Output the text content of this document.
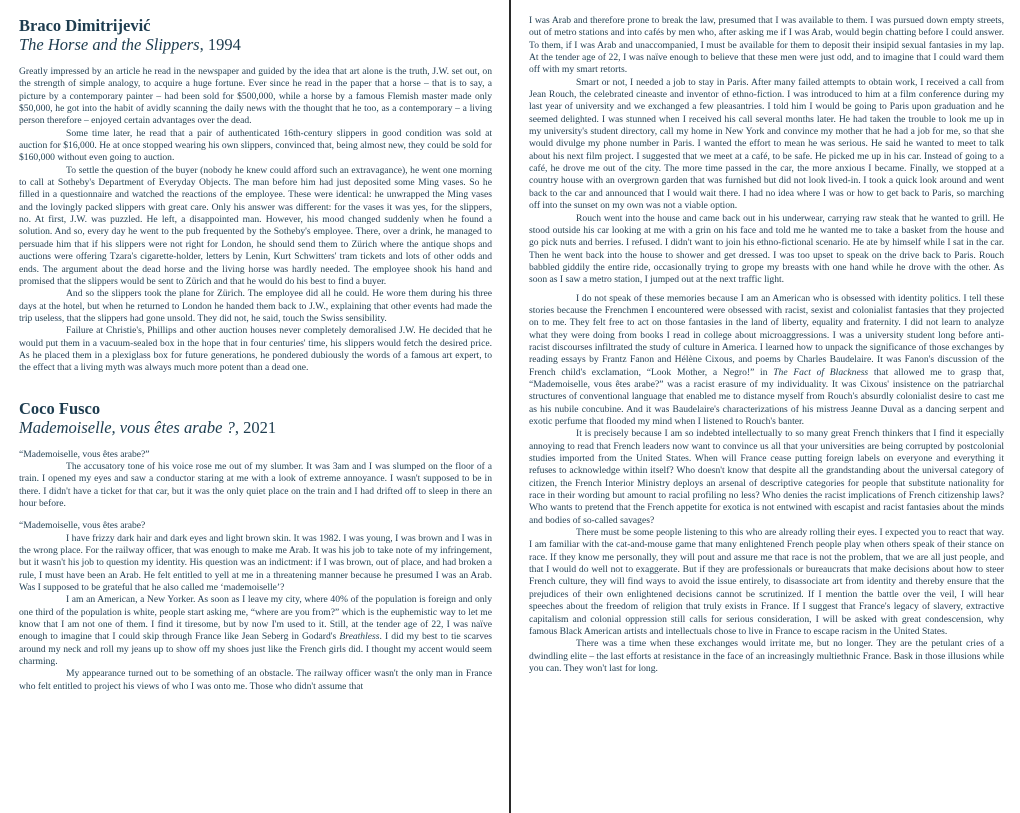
Braco Dimitrijević
The Horse and the Slippers, 1994

Greatly impressed by an article he read in the newspaper and guided by the idea that art alone is the truth, J.W. set out, on the strength of simple analogy, to acquire a huge fortune. Ever since he read in the paper that a horse – that is to say, a picture by a contemporary painter – had been sold for $500,000, while a horse by a famous Flemish master made only $50,000, he got into the habit of avidly scanning the daily news with the thought that he too, as a contemporary – a living person therefore – enjoyed certain advantages over the dead.

Some time later, he read that a pair of authenticated 16th-century slippers in good condition was sold at auction for $16,000. He at once stopped wearing his own slippers, convinced that, being almost new, they could be sold for $160,000 without even going to auction.

To settle the question of the buyer (nobody he knew could afford such an extravagance), he went one morning to call at Sotheby's Department of Everyday Objects. The man before him had just deposited some Ming vases. So he filled in a questionnaire and watched the reactions of the employee. These were identical: he unwrapped the Ming vases and the lovingly packed slippers with great care. Only his answer was different: for the vases it was yes, for the slippers, no. At first, J.W. was puzzled. He left, a disappointed man. However, his mood changed suddenly when he found a solution. And so, every day he went to the pub frequented by the Sotheby's employee. There, over a drink, he managed to persuade him that if his slippers were not right for London, he should send them to Zürich where the antique shops and auctions were offering Tzara's cigarette-holder, letters by Lenin, Kurt Schwitters' tram tickets and lots of other odds and ends. The argument about the dead horse and the living horse was hardly needed. The employee shook his hand and promised that the slippers would be sent to Zürich and that he would do his best to find a buyer.

And so the slippers took the plane for Zürich. The employee did all he could. He wore them during his three days at the hotel, but when he returned to London he handed them back to J.W., explaining that other events had made the trip useless, that the slippers had gone unsold. They did not, he said, touch the Swiss sensibility.

Failure at Christie's, Phillips and other auction houses never completely demoralised J.W. He decided that he would put them in a vacuum-sealed box in the hope that in four centuries' time, his slippers would fetch the desired price. As he placed them in a plexiglass box for future generations, he pondered dubiously the words of a famous art expert, to the effect that a living myth was always much more potent than a dead one.

Coco Fusco
Mademoiselle, vous êtes arabe ?, 2021

“Mademoiselle, vous êtes arabe?”

The accusatory tone of his voice rose me out of my slumber. It was 3am and I was slumped on the floor of a train. I opened my eyes and saw a conductor staring at me with a look of extreme annoyance. I wasn't supposed to be in there. I didn't have a ticket for that car, but it was the only quiet place on the train and I had drifted off to sleep in there an hour before.

“Mademoiselle, vous êtes arabe?

I have frizzy dark hair and dark eyes and light brown skin. It was 1982. I was young, I was brown and I was in the wrong place. For the railway officer, that was enough to make me Arab. It was his job to take note of my infringement, but it wasn't his job to question my identity. His question was an indictment: if I was brown, out of place, and had broken a rule, I must have been an Arab. He felt entitled to yell at me in a threatening manner because he presumed I was an Arab. Was I supposed to be grateful that he also called me ‘mademoiselle’?

I am an American, a New Yorker. As soon as I leave my city, where 40% of the population is foreign and only one third of the population is white, people start asking me, “where are you from?” which is the euphemistic way to let me know that I am not one of them. I find it tiresome, but by now I'm used to it. Still, at the tender age of 22, I was naïve enough to imagine that I could skip through France like Jean Seberg in Godard's Breathless. I did my best to tie scarves around my neck and roll my jeans up to show off my shoes just like the French girls did. I thought my accent would seem charming.

My appearance turned out to be something of an obstacle. The railway officer wasn't the only man in France who felt entitled to project his views of who I was onto me. Those who didn't assume that

I was Arab and therefore prone to break the law, presumed that I was available to them. I was pursued down empty streets, out of metro stations and into cafés by men who, after asking me if I was Arab, would begin chatting before I could answer. To them, if I was Arab and unaccompanied, I must be available for them to deposit their insipid sexual fantasies in my lap. At the tender age of 22, I was naïve enough to believe that these men were just odd, and to imagine that I could ward them off with my smart retorts.

Smart or not, I needed a job to stay in Paris. After many failed attempts to obtain work, I received a call from Jean Rouch, the celebrated cineaste and inventor of ethno-fiction. I was introduced to him at a film conference during my last year of university and we exchanged a few pleasantries. I told him I would be going to Paris upon graduation and he seemed delighted. I was stunned when I received his call several months later. He had taken the trouble to look me up in my university's student directory, call my home in New York and convince my mother that he had a job for me, so that she would divulge my phone number in Paris. I wanted the effort to mean he was serious. He said he wanted to meet to talk about his next film project. I suggested that we meet at a café, to be safe. He picked me up in his car. Instead of going to a café, he drove me out of the city. The more time passed in the car, the more anxious I became. Finally, we stopped at a country house with an overgrown garden that was furnished but did not look lived-in. I took a quick look around and went back to the car and announced that I would wait there. I had no idea where I was or how to get back to Paris, so marching off into the sunset on my own was not a viable option.

Rouch went into the house and came back out in his underwear, carrying raw steak that he wanted to grill. He stood outside his car looking at me with a grin on his face and told me he wanted me to take a basket from the house and go pick nuts and berries. I refused. I didn't want to join his ethno-fictional scenario. He ate by himself while I sat in the car. Then he went back into the house to shower and get dressed. I was too upset to speak on the drive back to Paris. Rouch babbled giddily the entire ride, occasionally trying to grope my breasts with one hand while he drove with the other. As soon as I saw a metro station, I jumped out at the next traffic light.

I do not speak of these memories because I am an American who is obsessed with identity politics. I tell these stories because the Frenchmen I encountered were obsessed with racist, sexist and colonialist fantasies that they projected on to me. They felt free to act on those fantasies in the land of liberty, equality and fraternity. I did not learn to analyze what they were doing from books I read in college about microaggressions. I was a university student long before anti-racist discourses infiltrated the study of culture in America. I learned how to unpack the significance of those exchanges by reading essays by Frantz Fanon and Hélène Cixous, and poems by Charles Baudelaire. It was Fanon's discussion of the French child's exclamation, “Look Mother, a Negro!” in The Fact of Blackness that allowed me to grasp that, “Mademoiselle, vous êtes arabe?” was a racist erasure of my individuality. It was Cixous' insistence on the patriarchal structures of conventional language that enabled me to distance myself from Rouch's absurdly colonialist desire to cast me as his nubile concubine. And it was Baudelaire's characterizations of his mistress Jeanne Duval as a dancing serpent and exotic perfume that flooded my mind when I listened to Rouch's banter.

It is precisely because I am so indebted intellectually to so many great French thinkers that I find it especially annoying to read that French leaders now want to convince us all that your universities are being corrupted by postcolonial studies imported from the United States. When will France cease putting foreign labels on everyone and everything it refuses to acknowledge within itself? Who doesn't know that despite all the grandstanding about the universal category of citizen, the French Interior Ministry deploys an arsenal of descriptive categories for people that substitute nationality for race in their wording but amount to racial profiling no less? Who denies the racist implications of French citizenship laws? Who wants to pretend that the French appetite for exotica is not entwined with escapist and racist fantasies about the minds and bodies of so-called savages?

There must be some people listening to this who are already rolling their eyes. I expected you to react that way. I am familiar with the cat-and-mouse game that many enlightened French people play when others speak of their stance on race. If they know me personally, they will pout and assure me that race is not the problem, that we are all just people, and that I would do well not to exaggerate. But if they are professionals or bureaucrats that make decisions about how to steer French culture, they will find ways to avoid the issue entirely, to disassociate art from identity and thereby ensure that the prejudices of their own enlightened decisions cannot be scrutinized. If I mention the battle over the veil, I will hear speeches about the freedom of religion that truly exists in France. If I suggest that France's legacy of slavery, extractive capitalism and colonial oppression still calls for serious consideration, I will be asked with great condescension, why famous Black American artists and intellectuals chose to live in France to escape racism in the United States.

There was a time when these exchanges would irritate me, but no longer. They are the petulant cries of a dwindling elite – the last efforts at resistance in the face of an increasingly multiethnic France. Bask in those illusions while you can. They won't last for long.
